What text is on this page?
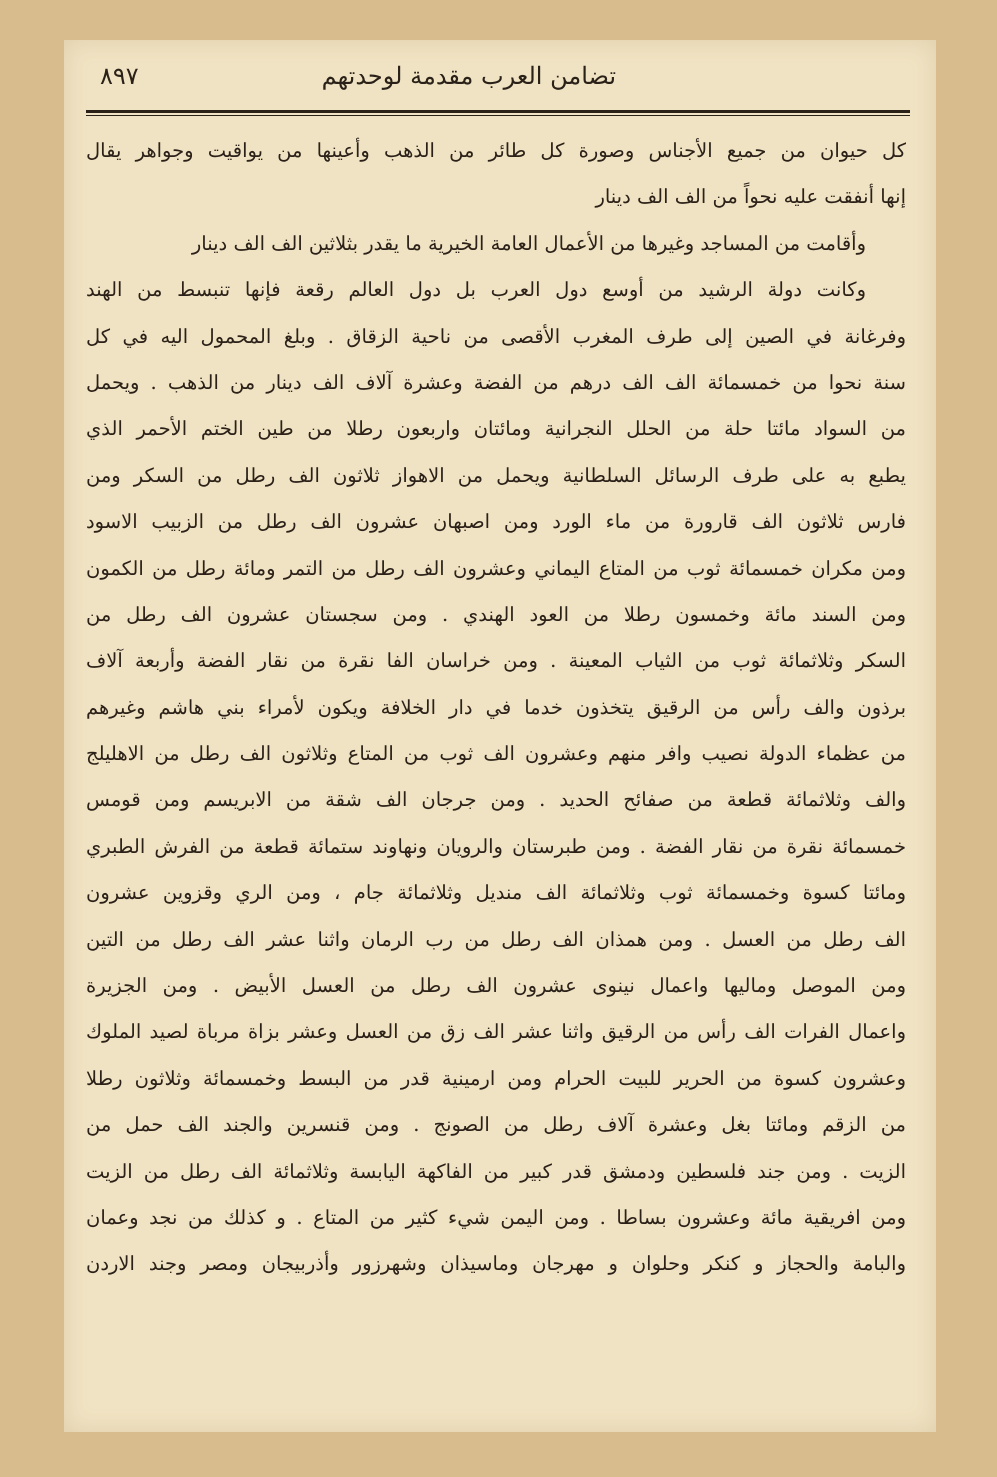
تضامن العرب مقدمة لوحدتهم
٨٩٧
كل حيوان من جميع الأجناس وصورة كل طائر من الذهب وأعينها من يواقيت وجواهر يقال
إنها أنفقت عليه نحواً من الف الف دينار
وأقامت من المساجد وغيرها من الأعمال العامة الخيرية ما يقدر بثلاثين الف الف دينار
وكانت دولة الرشيد من أوسع دول العرب بل دول العالم رقعة فإنها تنبسط من الهند
وفرغانة في الصين إلى طرف المغرب الأقصى من ناحية الزقاق . وبلغ المحمول اليه في كل
سنة نحوا من خمسمائة الف الف درهم من الفضة وعشرة آلاف الف دينار من الذهب . ويحمل
من السواد مائتا حلة من الحلل النجرانية ومائتان واربعون رطلا من طين الختم الأحمر الذي
يطبع به على طرف الرسائل السلطانية ويحمل من الاهواز ثلاثون الف رطل من السكر ومن
فارس ثلاثون الف قارورة من ماء الورد ومن اصبهان عشرون الف رطل من الزبيب الاسود
ومن مكران خمسمائة ثوب من المتاع اليماني وعشرون الف رطل من التمر ومائة رطل من الكمون
ومن السند مائة وخمسون رطلا من العود الهندي . ومن سجستان عشرون الف رطل من
السكر وثلاثمائة ثوب من الثياب المعينة . ومن خراسان الفا نقرة من نقار الفضة وأربعة آلاف
برذون والف رأس من الرقيق يتخذون خدما في دار الخلافة ويكون لأمراء بني هاشم وغيرهم
من عظماء الدولة نصيب وافر منهم وعشرون الف ثوب من المتاع وثلاثون الف رطل من الاهليلج
والف وثلاثمائة قطعة من صفائح الحديد . ومن جرجان الف شقة من الابريسم ومن قومس
خمسمائة نقرة من نقار الفضة . ومن طبرستان والرويان ونهاوند ستمائة قطعة من الفرش الطبري
ومائتا كسوة وخمسمائة ثوب وثلاثمائة الف منديل وثلاثمائة جام ، ومن الري وقزوين عشرون
الف رطل من العسل . ومن همذان الف رطل من رب الرمان واثنا عشر الف رطل من التين
ومن الموصل وماليها واعمال نينوى عشرون الف رطل من العسل الأبيض . ومن الجزيرة
واعمال الفرات الف رأس من الرقيق واثنا عشر الف زق من العسل وعشر بزاة مرباة لصيد الملوك
وعشرون كسوة من الحرير للبيت الحرام ومن ارمينية قدر من البسط وخمسمائة وثلاثون رطلا
من الزقم ومائتا بغل وعشرة آلاف رطل من الصونج . ومن قنسرين والجند الف حمل من
الزيت . ومن جند فلسطين ودمشق قدر كبير من الفاكهة اليابسة وثلاثمائة الف رطل من الزيت
ومن افريقية مائة وعشرون بساطا . ومن اليمن شيء كثير من المتاع . و كذلك من نجد وعمان
والبامة والحجاز و كنكر وحلوان و مهرجان وماسيذان وشهرزور وأذربيجان ومصر وجند الاردن
